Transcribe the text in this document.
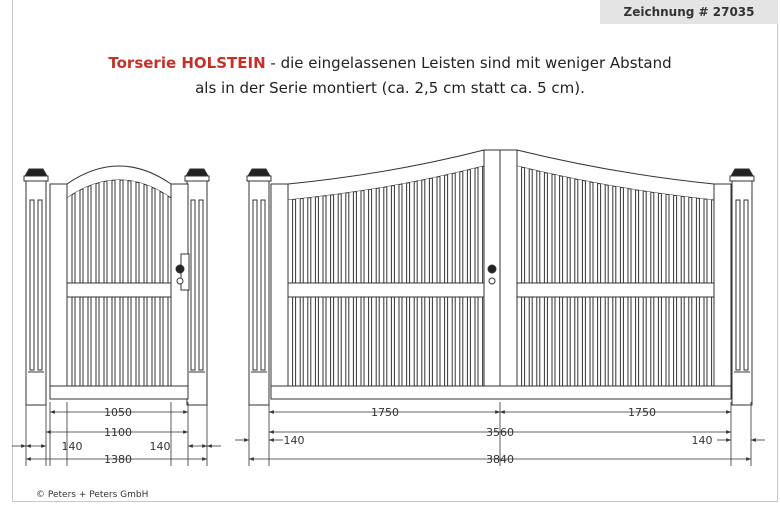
Zeichnung # 27035
Torserie HOLSTEIN - die eingelassenen Leisten sind mit weniger Abstand
als in der Serie montiert (ca. 2,5 cm statt ca. 5 cm).
1050
1100
140	140
1380
1750	1750
3560
140	140
3840
© Peters + Peters GmbH
